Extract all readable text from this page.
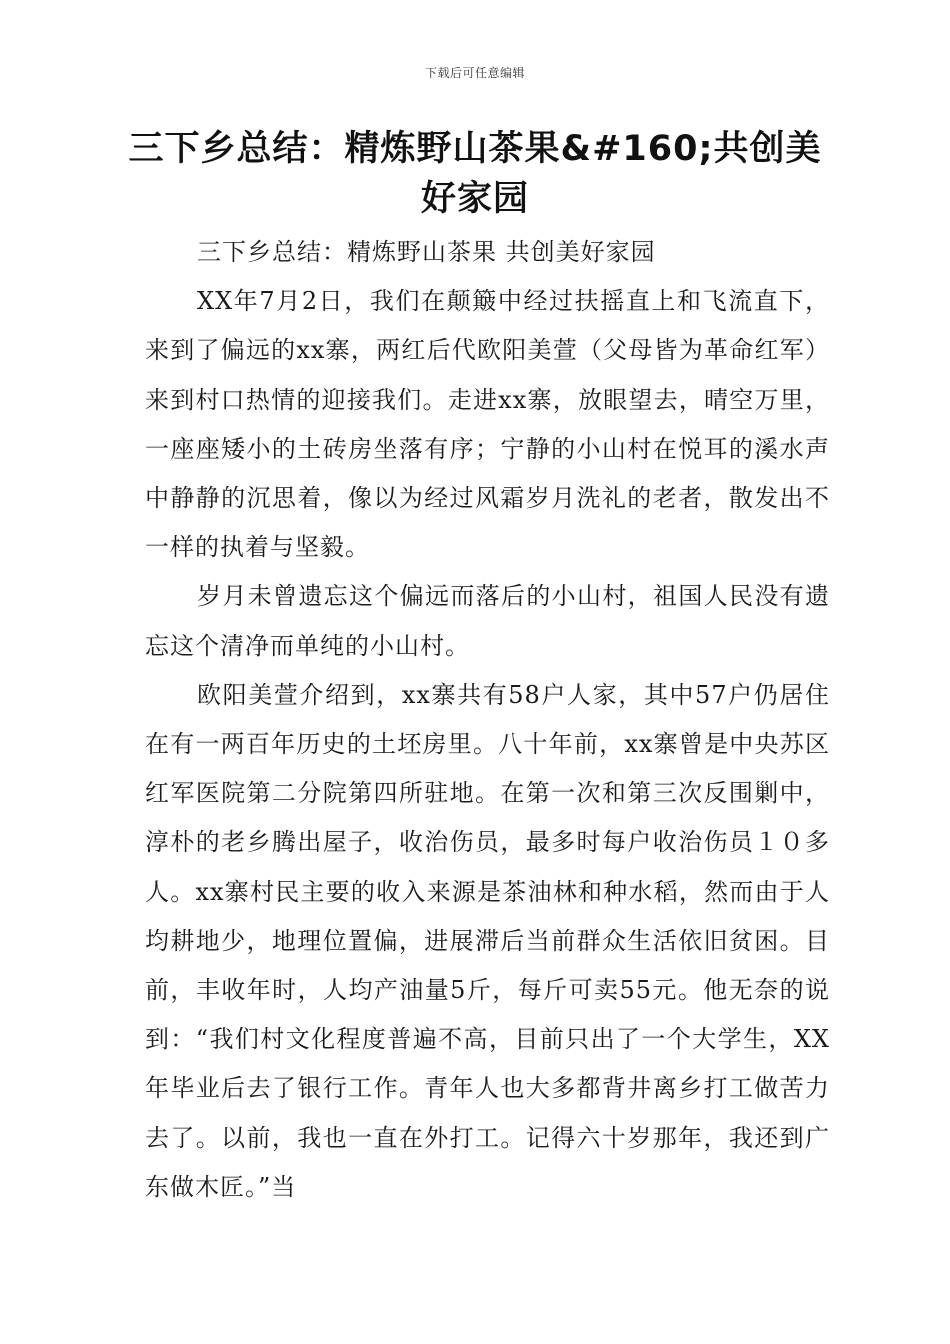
下载后可任意编辑
三下乡总结：精炼野山茶果&#160;共创美好家园

三下乡总结：精炼野山茶果 共创美好家园

XX年7月2日，我们在颠簸中经过扶摇直上和飞流直下，来到了偏远的xx寨，两红后代欧阳美萱（父母皆为革命红军）来到村口热情的迎接我们。走进xx寨，放眼望去，晴空万里，一座座矮小的土砖房坐落有序；宁静的小山村在悦耳的溪水声中静静的沉思着，像以为经过风霜岁月洗礼的老者，散发出不一样的执着与坚毅。

岁月未曾遗忘这个偏远而落后的小山村，祖国人民没有遗忘这个清净而单纯的小山村。

欧阳美萱介绍到，xx寨共有58户人家，其中57户仍居住在有一两百年历史的土坯房里。八十年前，xx寨曾是中央苏区红军医院第二分院第四所驻地。在第一次和第三次反围剿中，淳朴的老乡腾出屋子，收治伤员，最多时每户收治伤员１０多人。xx寨村民主要的收入来源是茶油林和种水稻，然而由于人均耕地少，地理位置偏，进展滞后当前群众生活依旧贫困。目前，丰收年时，人均产油量5斤，每斤可卖55元。他无奈的说到：“我们村文化程度普遍不高，目前只出了一个大学生，XX年毕业后去了银行工作。青年人也大多都背井离乡打工做苦力去了。以前，我也一直在外打工。记得六十岁那年，我还到广东做木匠。”当
